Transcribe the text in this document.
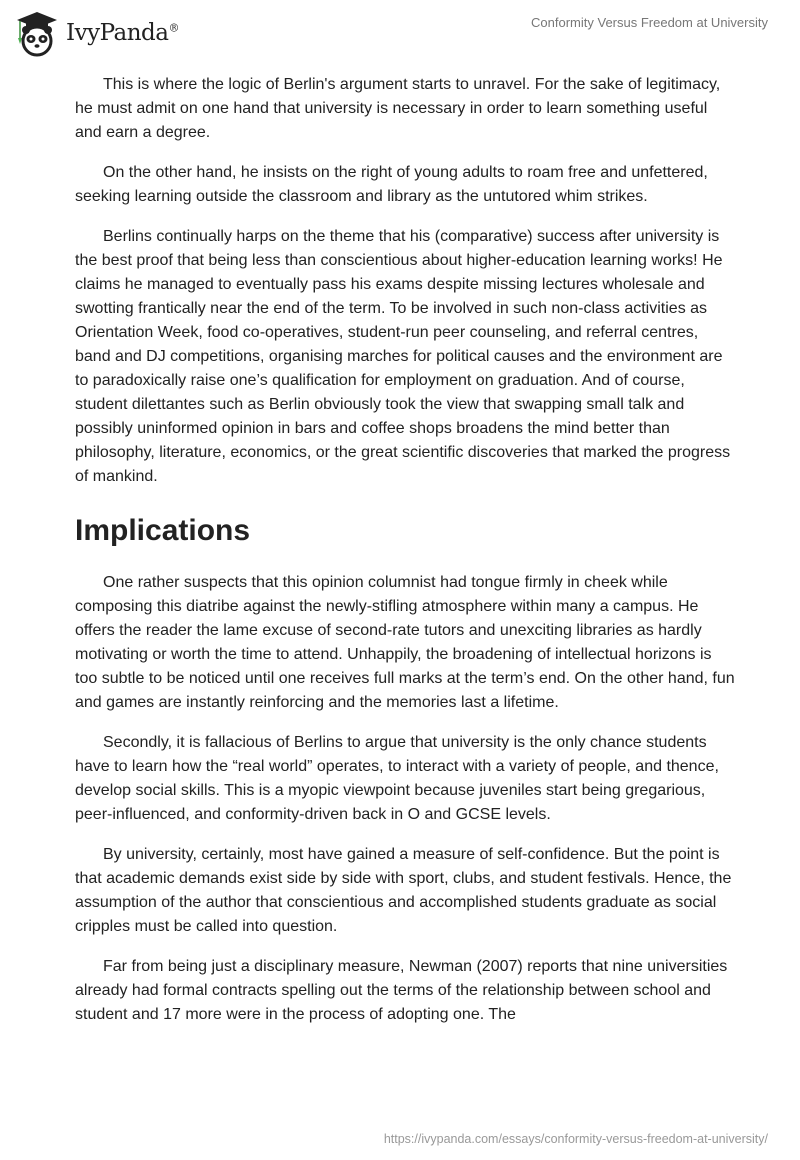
IvyPanda®	Conformity Versus Freedom at University

This is where the logic of Berlin's argument starts to unravel. For the sake of legitimacy, he must admit on one hand that university is necessary in order to learn something useful and earn a degree.

On the other hand, he insists on the right of young adults to roam free and unfettered, seeking learning outside the classroom and library as the untutored whim strikes.

Berlins continually harps on the theme that his (comparative) success after university is the best proof that being less than conscientious about higher-education learning works! He claims he managed to eventually pass his exams despite missing lectures wholesale and swotting frantically near the end of the term. To be involved in such non-class activities as Orientation Week, food co-operatives, student-run peer counseling, and referral centres, band and DJ competitions, organising marches for political causes and the environment are to paradoxically raise one’s qualification for employment on graduation. And of course, student dilettantes such as Berlin obviously took the view that swapping small talk and possibly uninformed opinion in bars and coffee shops broadens the mind better than philosophy, literature, economics, or the great scientific discoveries that marked the progress of mankind.

Implications

One rather suspects that this opinion columnist had tongue firmly in cheek while composing this diatribe against the newly-stifling atmosphere within many a campus. He offers the reader the lame excuse of second-rate tutors and unexciting libraries as hardly motivating or worth the time to attend. Unhappily, the broadening of intellectual horizons is too subtle to be noticed until one receives full marks at the term’s end. On the other hand, fun and games are instantly reinforcing and the memories last a lifetime.

Secondly, it is fallacious of Berlins to argue that university is the only chance students have to learn how the “real world” operates, to interact with a variety of people, and thence, develop social skills. This is a myopic viewpoint because juveniles start being gregarious, peer-influenced, and conformity-driven back in O and GCSE levels.

By university, certainly, most have gained a measure of self-confidence. But the point is that academic demands exist side by side with sport, clubs, and student festivals. Hence, the assumption of the author that conscientious and accomplished students graduate as social cripples must be called into question.

Far from being just a disciplinary measure, Newman (2007) reports that nine universities already had formal contracts spelling out the terms of the relationship between school and student and 17 more were in the process of adopting one. The

https://ivypanda.com/essays/conformity-versus-freedom-at-university/
